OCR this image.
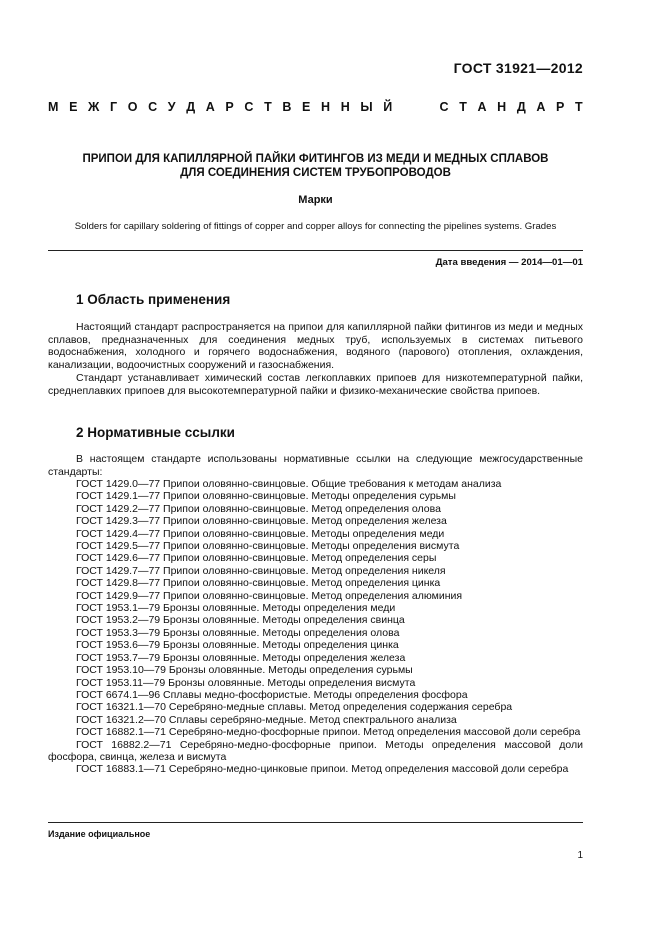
ГОСТ 31921—2012
М Е Ж Г О С У Д А Р С Т В Е Н Н Ы Й	С Т А Н Д А Р Т
ПРИПОИ ДЛЯ КАПИЛЛЯРНОЙ ПАЙКИ ФИТИНГОВ ИЗ МЕДИ И МЕДНЫХ СПЛАВОВ
ДЛЯ СОЕДИНЕНИЯ СИСТЕМ ТРУБОПРОВОДОВ
Марки
Solders for capillary soldering of fittings of copper and copper alloys for connecting the pipelines systems. Grades
Дата введения — 2014—01—01
1 Область применения
Настоящий стандарт распространяется на припои для капиллярной пайки фитингов из меди и медных сплавов, предназначенных для соединения медных труб, используемых в системах питьевого водоснабжения, холодного и горячего водоснабжения, водяного (парового) отопления, охлаждения, канализации, водоочистных сооружений и газоснабжения.
Стандарт устанавливает химический состав легкоплавких припоев для низкотемпературной пайки, среднеплавких припоев для высокотемпературной пайки и физико-механические свойства припоев.
2 Нормативные ссылки
В настоящем стандарте использованы нормативные ссылки на следующие межгосударственные стандарты:
ГОСТ 1429.0—77 Припои оловянно-свинцовые. Общие требования к методам анализа
ГОСТ 1429.1—77 Припои оловянно-свинцовые. Методы определения сурьмы
ГОСТ 1429.2—77 Припои оловянно-свинцовые. Метод определения олова
ГОСТ 1429.3—77 Припои оловянно-свинцовые. Метод определения железа
ГОСТ 1429.4—77 Припои оловянно-свинцовые. Методы определения меди
ГОСТ 1429.5—77 Припои оловянно-свинцовые. Методы определения висмута
ГОСТ 1429.6—77 Припои оловянно-свинцовые. Метод определения серы
ГОСТ 1429.7—77 Припои оловянно-свинцовые. Метод определения никеля
ГОСТ 1429.8—77 Припои оловянно-свинцовые. Метод определения цинка
ГОСТ 1429.9—77 Припои оловянно-свинцовые. Метод определения алюминия
ГОСТ 1953.1—79 Бронзы оловянные. Методы определения меди
ГОСТ 1953.2—79 Бронзы оловянные. Методы определения свинца
ГОСТ 1953.3—79 Бронзы оловянные. Методы определения олова
ГОСТ 1953.6—79 Бронзы оловянные. Методы определения цинка
ГОСТ 1953.7—79 Бронзы оловянные. Методы определения железа
ГОСТ 1953.10—79 Бронзы оловянные. Методы определения сурьмы
ГОСТ 1953.11—79 Бронзы оловянные. Методы определения висмута
ГОСТ 6674.1—96 Сплавы медно-фосфористые. Методы определения фосфора
ГОСТ 16321.1—70 Серебряно-медные сплавы. Метод определения содержания серебра
ГОСТ 16321.2—70 Сплавы серебряно-медные. Метод спектрального анализа
ГОСТ 16882.1—71 Серебряно-медно-фосфорные припои. Метод определения массовой доли серебра
ГОСТ 16882.2—71 Серебряно-медно-фосфорные припои. Методы определения массовой доли фосфора, свинца, железа и висмута
ГОСТ 16883.1—71 Серебряно-медно-цинковые припои. Метод определения массовой доли серебра
Издание официальное
1
